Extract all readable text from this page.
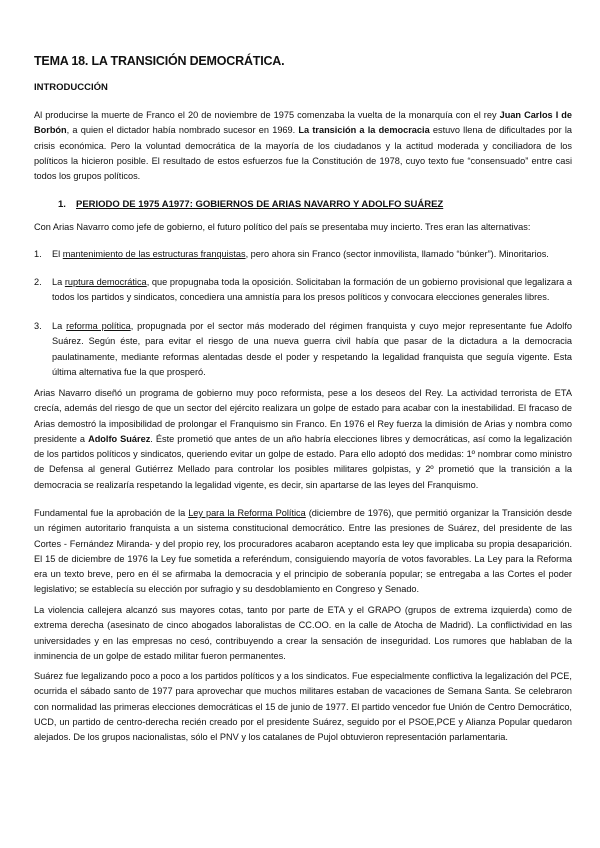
TEMA 18. LA TRANSICIÓN DEMOCRÁTICA.
INTRODUCCIÓN

Al producirse la muerte de Franco el 20 de noviembre de 1975 comenzaba la vuelta de la monarquía con el rey Juan Carlos I de Borbón, a quien el dictador había nombrado sucesor en 1969. La transición a la democracia estuvo llena de dificultades por la crisis económica. Pero la voluntad democrática de la mayoría de los ciudadanos y la actitud moderada y conciliadora de los políticos la hicieron posible. El resultado de estos esfuerzos fue la Constitución de 1978, cuyo texto fue “consensuado” entre casi todos los grupos políticos.

1. PERIODO DE 1975 A1977: GOBIERNOS DE ARIAS NAVARRO Y ADOLFO SUÁREZ

Con Arias Navarro como jefe de gobierno, el futuro político del país se presentaba muy incierto. Tres eran las alternativas:

1. El mantenimiento de las estructuras franquistas, pero ahora sin Franco (sector inmovilista, llamado “búnker”). Minoritarios.
2. La ruptura democrática, que propugnaba toda la oposición. Solicitaban la formación de un gobierno provisional que legalizara a todos los partidos y sindicatos, concediera una amnistía para los presos políticos y convocara elecciones generales libres.
3. La reforma política, propugnada por el sector más moderado del régimen franquista y cuyo mejor representante fue Adolfo Suárez. Según éste, para evitar el riesgo de una nueva guerra civil había que pasar de la dictadura a la democracia paulatinamente, mediante reformas alentadas desde el poder y respetando la legalidad franquista que seguía vigente. Esta última alternativa fue la que prosperó.

Arias Navarro diseñó un programa de gobierno muy poco reformista, pese a los deseos del Rey. La actividad terrorista de ETA crecía, además del riesgo de que un sector del ejército realizara un golpe de estado para acabar con la inestabilidad. El fracaso de Arias demostró la imposibilidad de prolongar el Franquismo sin Franco. En 1976 el Rey fuerza la dimisión de Arias y nombra como presidente a Adolfo Suárez. Éste prometió que antes de un año habría elecciones libres y democráticas, así como la legalización de los partidos políticos y sindicatos, queriendo evitar un golpe de estado. Para ello adoptó dos medidas: 1º nombrar como ministro de Defensa al general Gutiérrez Mellado para controlar los posibles militares golpistas, y 2º prometió que la transición a la democracia se realizaría respetando la legalidad vigente, es decir, sin apartarse de las leyes del Franquismo.

Fundamental fue la aprobación de la Ley para la Reforma Política (diciembre de 1976), que permitió organizar la Transición desde un régimen autoritario franquista a un sistema constitucional democrático. Entre las presiones de Suárez, del presidente de las Cortes - Fernández Miranda- y del propio rey, los procuradores acabaron aceptando esta ley que implicaba su propia desaparición. El 15 de diciembre de 1976 la Ley fue sometida a referéndum, consiguiendo mayoría de votos favorables. La Ley para la Reforma era un texto breve, pero en él se afirmaba la democracia y el principio de soberanía popular; se entregaba a las Cortes el poder legislativo; se establecía su elección por sufragio y su desdoblamiento en Congreso y Senado.

La violencia callejera alcanzó sus mayores cotas, tanto por parte de ETA y el GRAPO (grupos de extrema izquierda) como de extrema derecha (asesinato de cinco abogados laboralistas de CC.OO. en la calle de Atocha de Madrid). La conflictividad en las universidades y en las empresas no cesó, contribuyendo a crear la sensación de inseguridad. Los rumores que hablaban de la inminencia de un golpe de estado militar fueron permanentes.

Suárez fue legalizando poco a poco a los partidos políticos y a los sindicatos. Fue especialmente conflictiva la legalización del PCE, ocurrida el sábado santo de 1977 para aprovechar que muchos militares estaban de vacaciones de Semana Santa. Se celebraron con normalidad las primeras elecciones democráticas el 15 de junio de 1977. El partido vencedor fue Unión de Centro Democrático, UCD, un partido de centro-derecha recién creado por el presidente Suárez, seguido por el PSOE,PCE y Alianza Popular quedaron alejados. De los grupos nacionalistas, sólo el PNV y los catalanes de Pujol obtuvieron representación parlamentaria.
